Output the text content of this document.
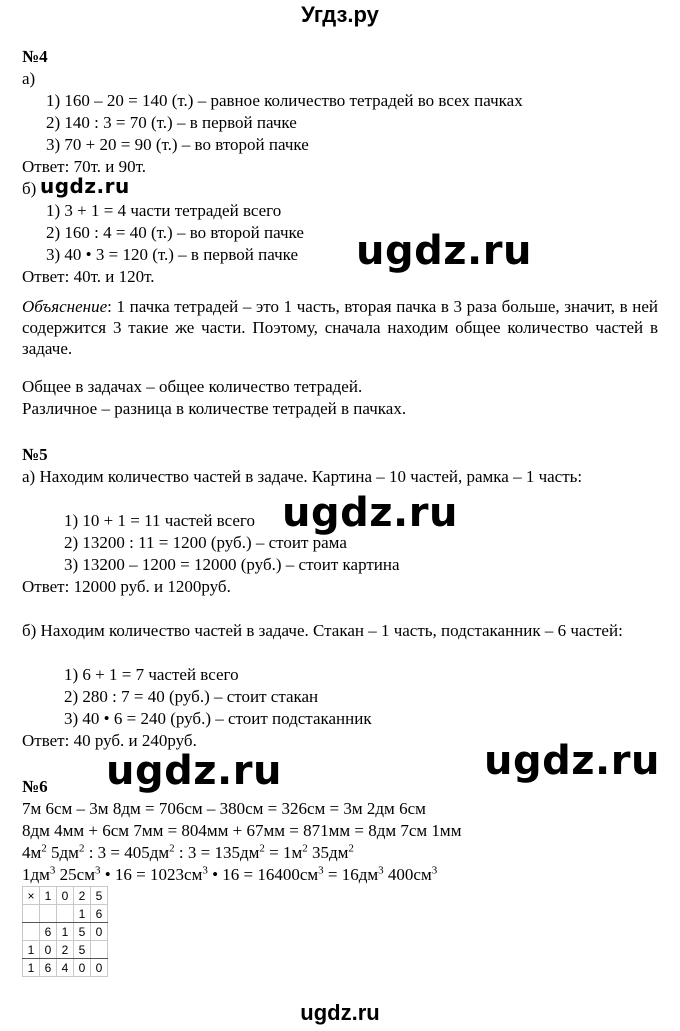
Угдз.ру
№4
а)
1) 160 – 20 = 140 (т.) – равное количество тетрадей во всех пачках
2) 140 : 3 = 70 (т.) – в первой пачке
3) 70 + 20 = 90 (т.) – во второй пачке
Ответ: 70т. и 90т.
б)
1) 3 + 1 = 4 части тетрадей всего
2) 160 : 4 = 40 (т.) – во второй пачке
3) 40 • 3 = 120 (т.) – в первой пачке
Ответ: 40т. и 120т.
Объяснение: 1 пачка тетрадей – это 1 часть, вторая пачка в 3 раза больше, значит, в ней содержится 3 такие же части. Поэтому, сначала находим общее количество частей в задаче.
Общее в задачах – общее количество тетрадей.
Различное – разница в количестве тетрадей в пачках.
№5
а) Находим количество частей в задаче. Картина – 10 частей, рамка – 1 часть:
1) 10 + 1 = 11 частей всего
2) 13200 : 11 = 1200 (руб.) – стоит рама
3) 13200 – 1200 = 12000 (руб.) – стоит картина
Ответ: 12000 руб. и 1200руб.
б) Находим количество частей в задаче. Стакан – 1 часть, подстаканник – 6 частей:
1) 6 + 1 = 7 частей всего
2) 280 : 7 = 40 (руб.) – стоит стакан
3) 40 • 6 = 240 (руб.) – стоит подстаканник
Ответ: 40 руб. и 240руб.
№6
7м 6см – 3м 8дм = 706см – 380см = 326см = 3м 2дм 6см
8дм 4мм + 6см 7мм = 804мм + 67мм = 871мм = 8дм 7см 1мм
$4м^2$ $5дм^2$ : $3 = 405дм^2$ : $3 = 135дм^2 = 1м^2$ $35дм^2$
$1дм^3$ $25см^3$ • $16 = 1023см^3$ • $16 = 16400см^3 = 16дм^3$ $400см^3$
×	1	0	2	5
			1	6
	6	1	5	0
1	0	2	5	
1	6	4	0	0
ugdz.ru
ugdz.ru
ugdz.ru
ugdz.ru	ugdz.ru
ugdz.ru
